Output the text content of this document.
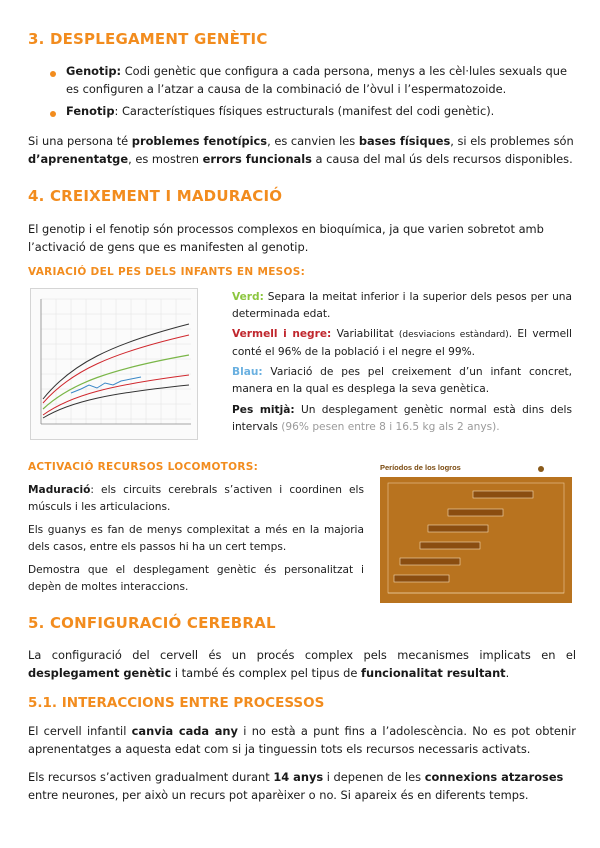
3. DESPLEGAMENT GENÈTIC
Genotip: Codi genètic que configura a cada persona, menys a les cèl·lules sexuals que es configuren a l’atzar a causa de la combinació de l’òvul i l’espermatozoide.
Fenotip: Característiques físiques estructurals (manifest del codi genètic).
Si una persona té problemes fenotípics, es canvien les bases físiques, si els problemes són d’aprenentatge, es mostren errors funcionals a causa del mal ús dels recursos disponibles.
4. CREIXEMENT I MADURACIÓ
El genotip i el fenotip són processos complexos en bioquímica, ja que varien sobretot amb l’activació de gens que es manifesten al genotip.
VARIACIÓ DEL PES DELS INFANTS EN MESOS:
Verd: Separa la meitat inferior i la superior dels pesos per una determinada edat.
Vermell i negre: Variabilitat (desviacions estàndard). El vermell conté el 96% de la població i el negre el 99%.
Blau: Variació de pes pel creixement d’un infant concret, manera en la qual es desplega la seva genètica.
Pes mitjà: Un desplegament genètic normal està dins dels intervals (96% pesen entre 8 i 16.5 kg als 2 anys).
ACTIVACIÓ RECURSOS LOCOMOTORS:
Maduració: els circuits cerebrals s’activen i coordinen els músculs i les articulacions.
Els guanys es fan de menys complexitat a més en la majoria dels casos, entre els passos hi ha un cert temps.
Demostra que el desplegament genètic és personalitzat i depèn de moltes interaccions.
Períodos de los logros
5. CONFIGURACIÓ CEREBRAL
La configuració del cervell és un procés complex pels mecanismes implicats en el desplegament genètic i també és complex pel tipus de funcionalitat resultant.
5.1. INTERACCIONS ENTRE PROCESSOS
El cervell infantil canvia cada any i no està a punt fins a l’adolescència. No es pot obtenir aprenentatges a aquesta edat com si ja tinguessin tots els recursos necessaris activats.
Els recursos s’activen gradualment durant 14 anys i depenen de les connexions atzaroses entre neurones, per això un recurs pot aparèixer o no. Si apareix és en diferents temps.
